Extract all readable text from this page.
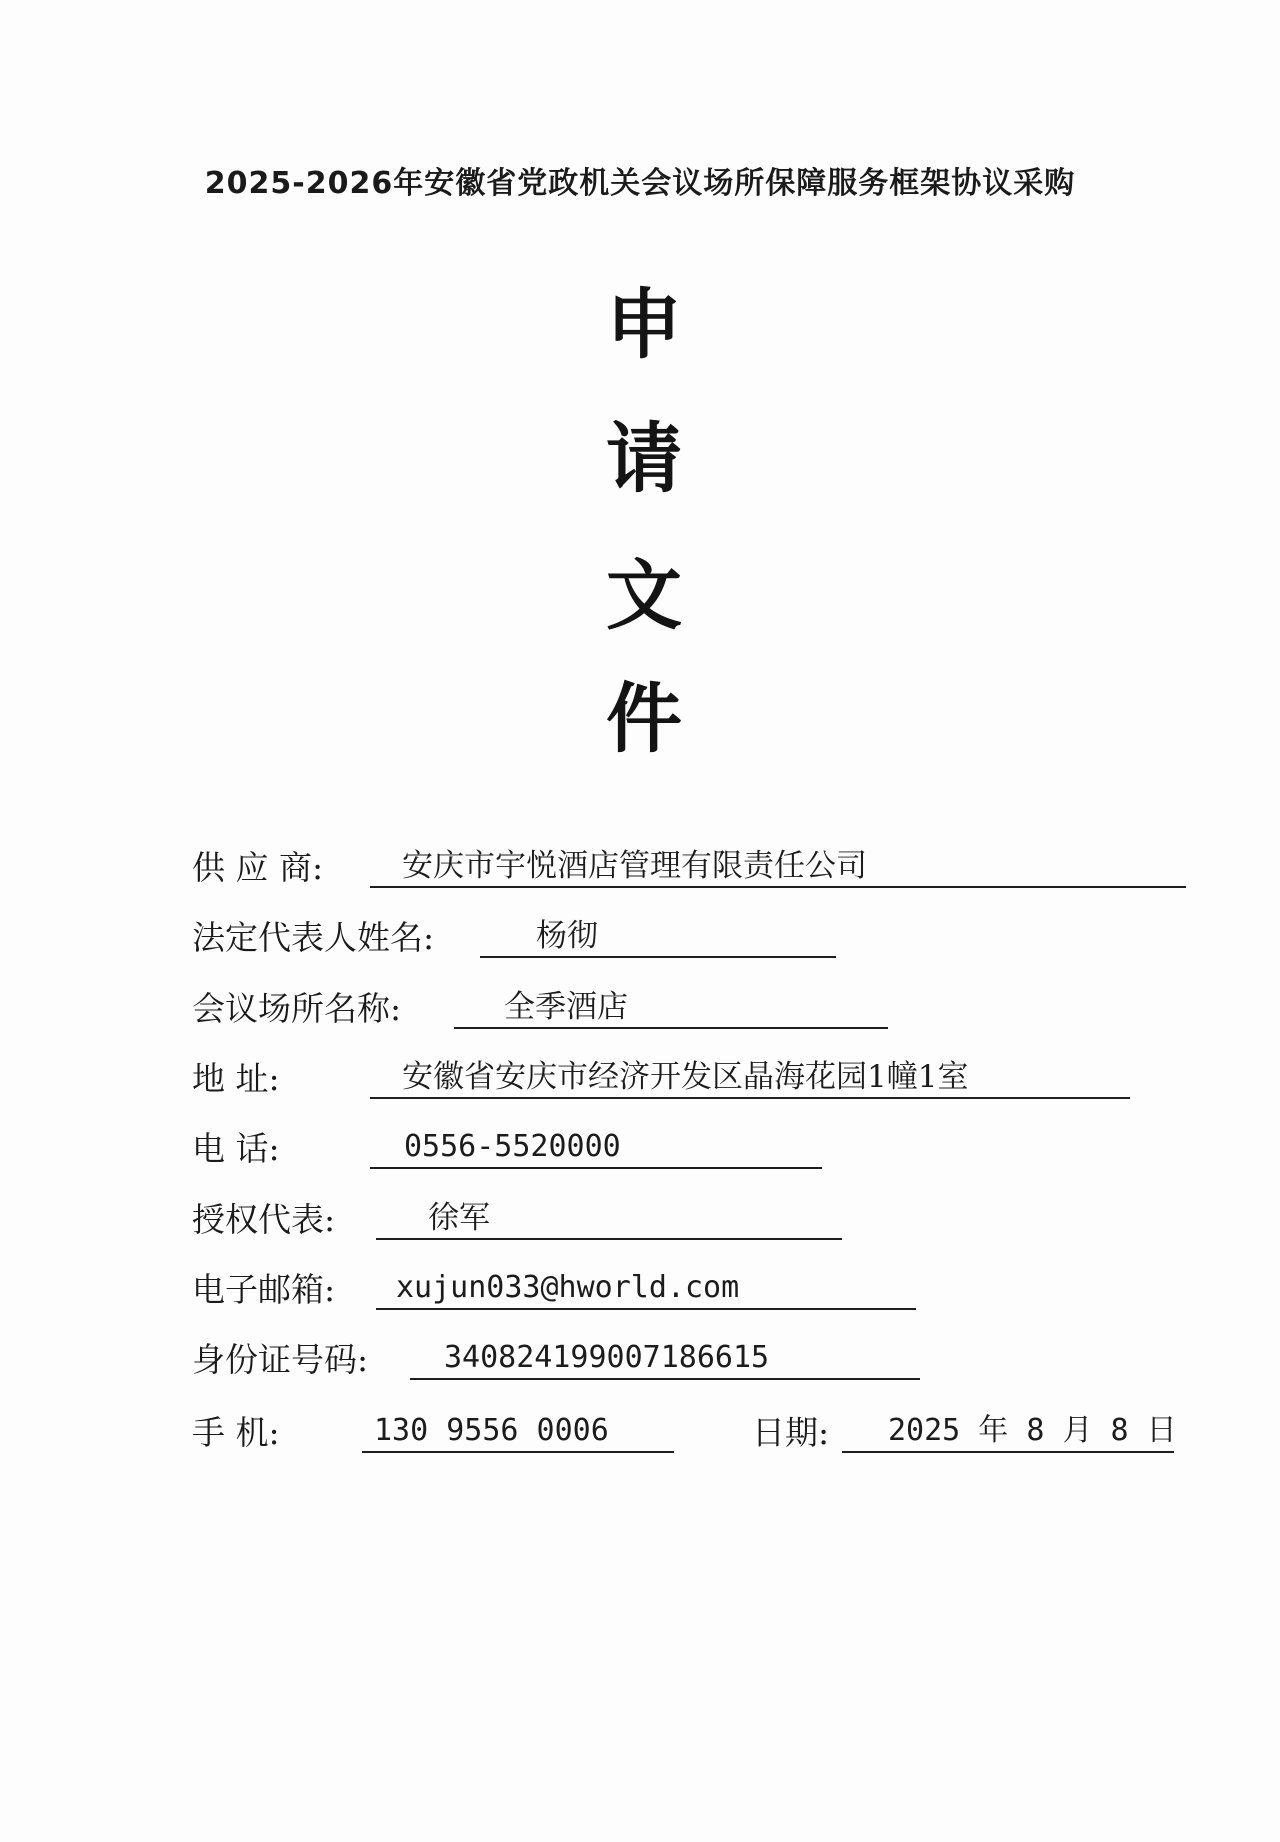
2025-2026年安徽省党政机关会议场所保障服务框架协议采购
申
请
文
件
供 应 商:	安庆市宇悦酒店管理有限责任公司
法定代表人姓名:	杨彻
会议场所名称:	全季酒店
地 址:	安徽省安庆市经济开发区晶海花园1幢1室
电 话:	0556-5520000
授权代表:	徐军
电子邮箱: xujun033@hworld.com
身份证号码:	340824199007186615
手 机:	130 9556 0006	日期: 2025 年 8 月 8 日
